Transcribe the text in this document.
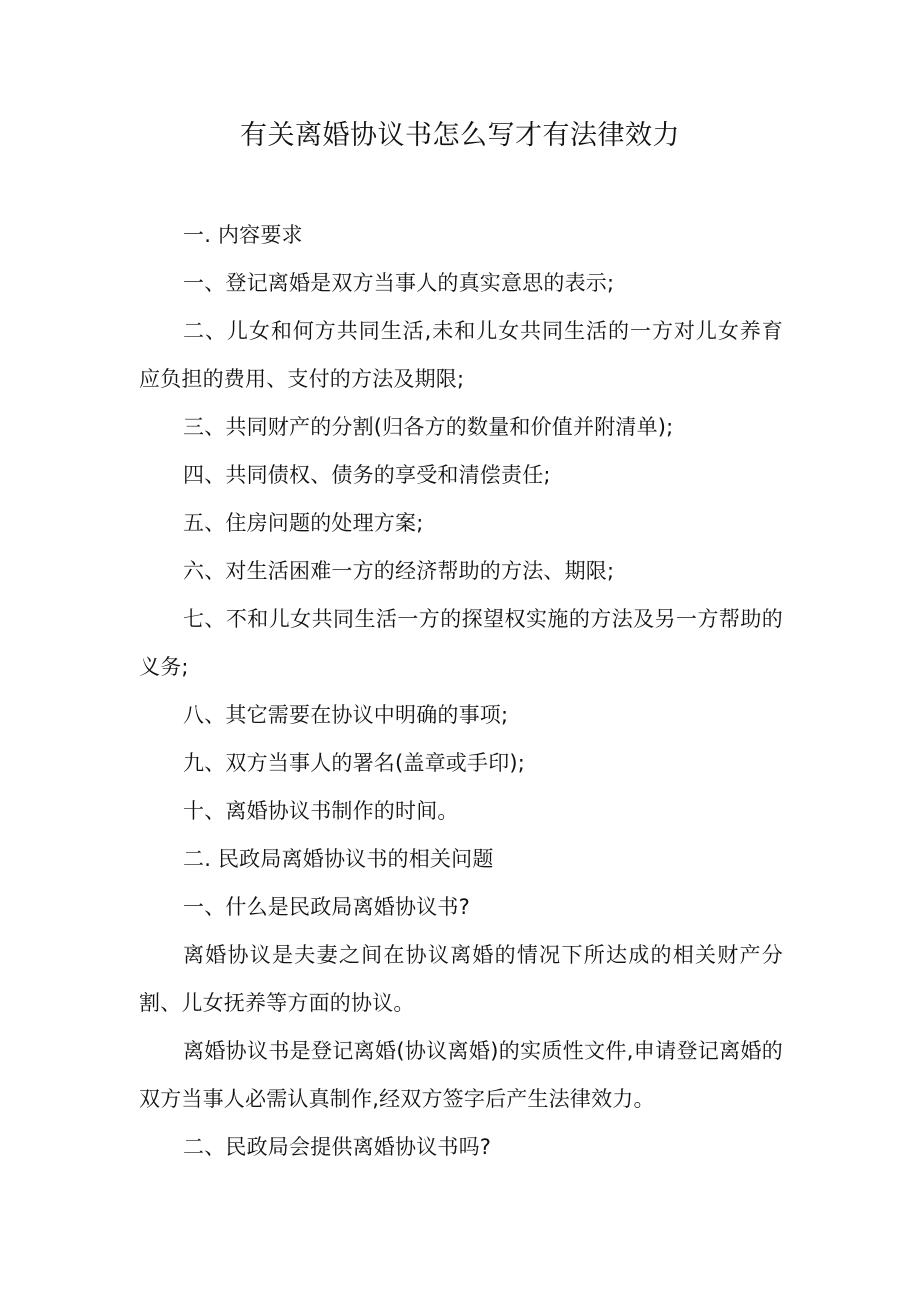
有关离婚协议书怎么写才有法律效力

一. 内容要求

一、登记离婚是双方当事人的真实意思的表示;

二、儿女和何方共同生活,未和儿女共同生活的一方对儿女养育应负担的费用、支付的方法及期限;

三、共同财产的分割(归各方的数量和价值并附清单);

四、共同债权、债务的享受和清偿责任;

五、住房问题的处理方案;

六、对生活困难一方的经济帮助的方法、期限;

七、不和儿女共同生活一方的探望权实施的方法及另一方帮助的义务;

八、其它需要在协议中明确的事项;

九、双方当事人的署名(盖章或手印);

十、离婚协议书制作的时间。

二. 民政局离婚协议书的相关问题

一、什么是民政局离婚协议书?

离婚协议是夫妻之间在协议离婚的情况下所达成的相关财产分割、儿女抚养等方面的协议。

离婚协议书是登记离婚(协议离婚)的实质性文件,申请登记离婚的双方当事人必需认真制作,经双方签字后产生法律效力。

二、民政局会提供离婚协议书吗?
